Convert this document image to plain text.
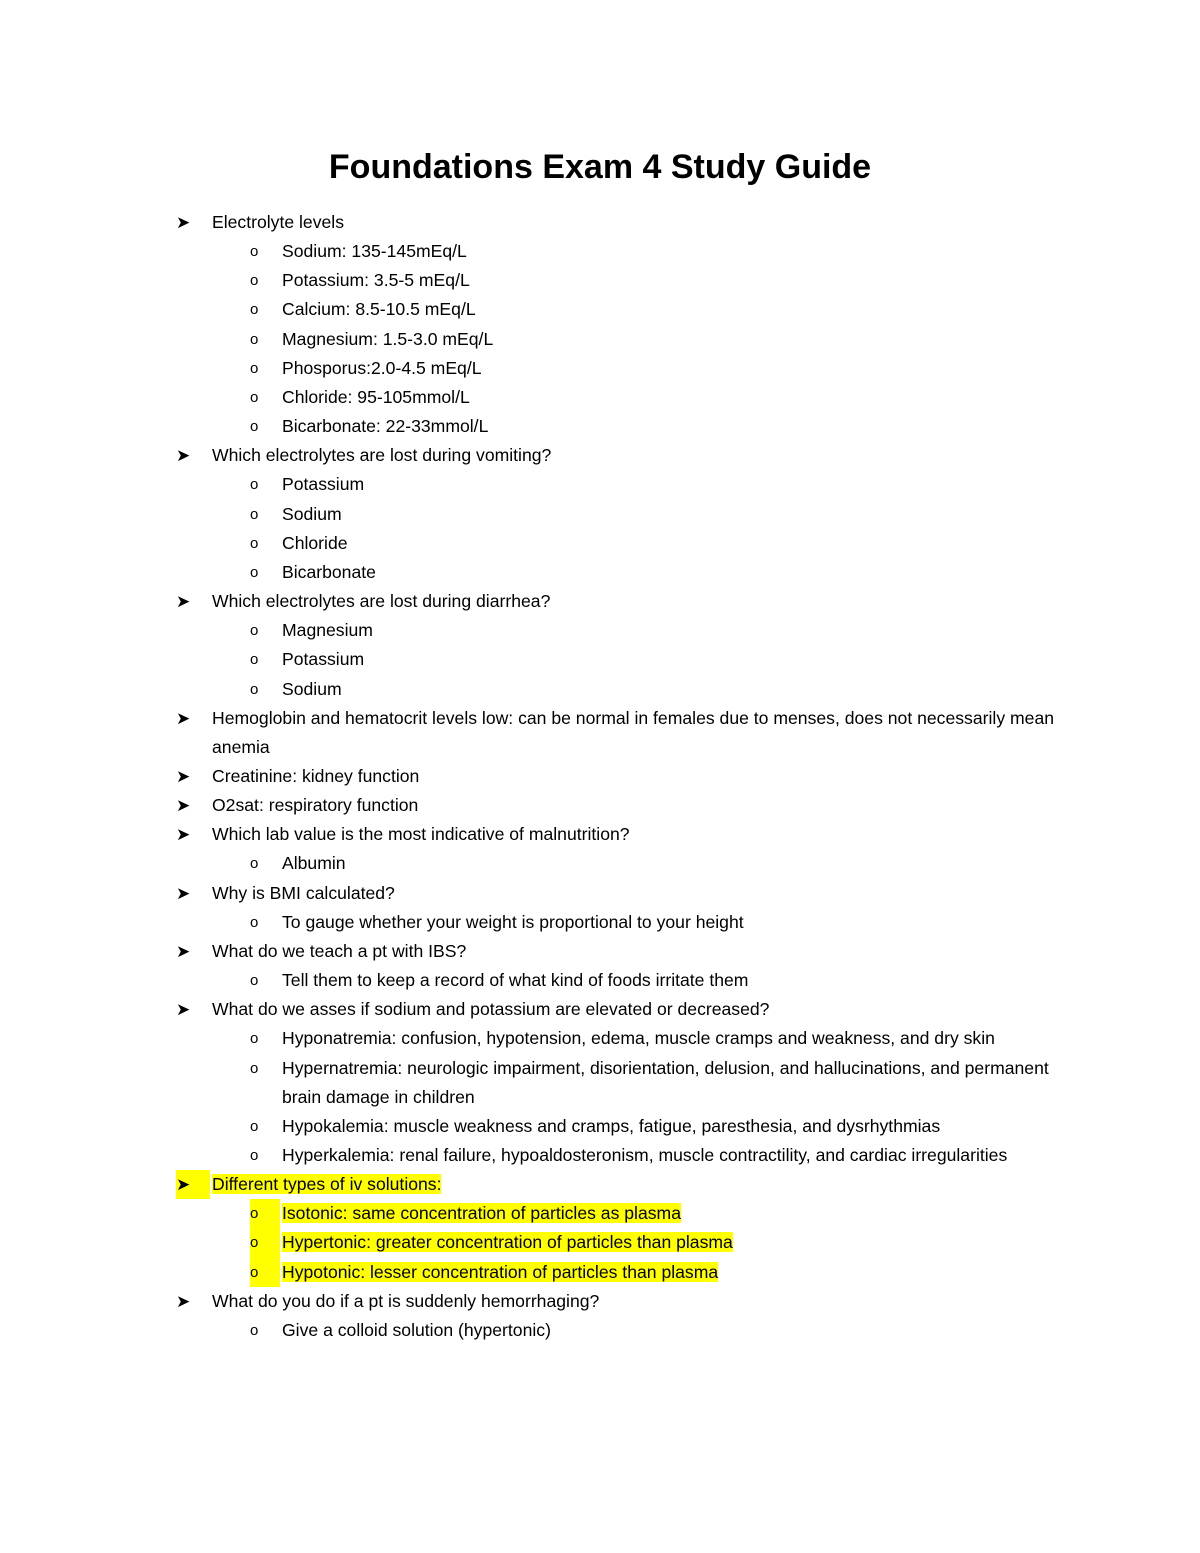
Foundations Exam 4 Study Guide
➤ Electrolyte levels
o Sodium: 135-145mEq/L
o Potassium: 3.5-5 mEq/L
o Calcium: 8.5-10.5 mEq/L
o Magnesium: 1.5-3.0 mEq/L
o Phosporus:2.0-4.5 mEq/L
o Chloride: 95-105mmol/L
o Bicarbonate: 22-33mmol/L
➤ Which electrolytes are lost during vomiting?
o Potassium
o Sodium
o Chloride
o Bicarbonate
➤ Which electrolytes are lost during diarrhea?
o Magnesium
o Potassium
o Sodium
➤ Hemoglobin and hematocrit levels low: can be normal in females due to menses, does not necessarily mean anemia
➤ Creatinine: kidney function
➤ O2sat: respiratory function
➤ Which lab value is the most indicative of malnutrition?
o Albumin
➤ Why is BMI calculated?
o To gauge whether your weight is proportional to your height
➤ What do we teach a pt with IBS?
o Tell them to keep a record of what kind of foods irritate them
➤ What do we asses if sodium and potassium are elevated or decreased?
o Hyponatremia: confusion, hypotension, edema, muscle cramps and weakness, and dry skin
o Hypernatremia: neurologic impairment, disorientation, delusion, and hallucinations, and permanent brain damage in children
o Hypokalemia: muscle weakness and cramps, fatigue, paresthesia, and dysrhythmias
o Hyperkalemia: renal failure, hypoaldosteronism, muscle contractility, and cardiac irregularities
➤	Different types of iv solutions:
o	Isotonic: same concentration of particles as plasma
o	Hypertonic: greater concentration of particles than plasma
o	Hypotonic: lesser concentration of particles than plasma
➤ What do you do if a pt is suddenly hemorrhaging?
o Give a colloid solution (hypertonic)
